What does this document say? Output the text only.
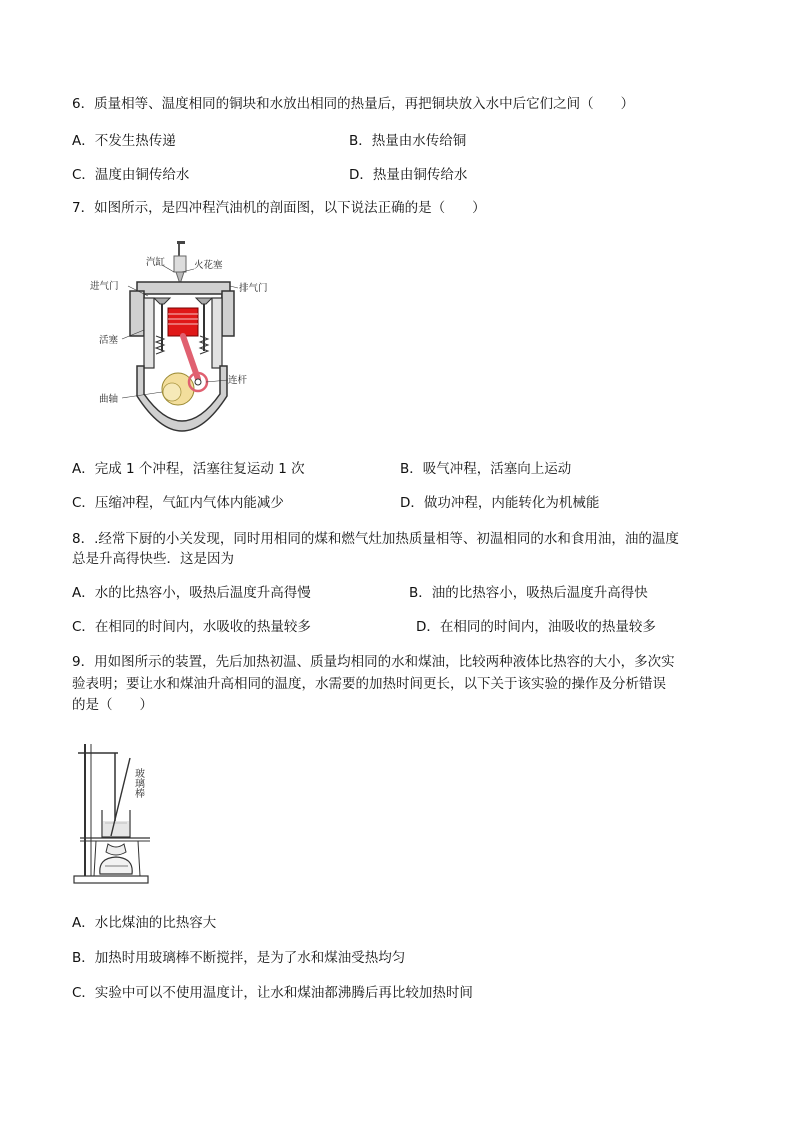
6．质量相等、温度相同的铜块和水放出相同的热量后，再把铜块放入水中后它们之间（　　）
A．不发生热传递	B．热量由水传给铜
C．温度由铜传给水	D．热量由铜传给水
7．如图所示，是四冲程汽油机的剖面图，以下说法正确的是（　　）
汽缸	火花塞
进气门	排气门
活塞
连杆
曲轴
A．完成 1 个冲程，活塞往复运动 1 次	B．吸气冲程，活塞向上运动
C．压缩冲程，气缸内气体内能减少	D．做功冲程，内能转化为机械能
8．.经常下厨的小关发现，同时用相同的煤和燃气灶加热质量相等、初温相同的水和食用油，油的温度
总是升高得快些．这是因为
A．水的比热容小，吸热后温度升高得慢	B．油的比热容小，吸热后温度升高得快
C．在相同的时间内，水吸收的热量较多	D．在相同的时间内，油吸收的热量较多
9．用如图所示的装置，先后加热初温、质量均相同的水和煤油，比较两种液体比热容的大小，多次实
验表明；要让水和煤油升高相同的温度，水需要的加热时间更长，以下关于该实验的操作及分析错误
的是（　　）
玻璃棒
A．水比煤油的比热容大
B．加热时用玻璃棒不断搅拌，是为了水和煤油受热均匀
C．实验中可以不使用温度计，让水和煤油都沸腾后再比较加热时间
